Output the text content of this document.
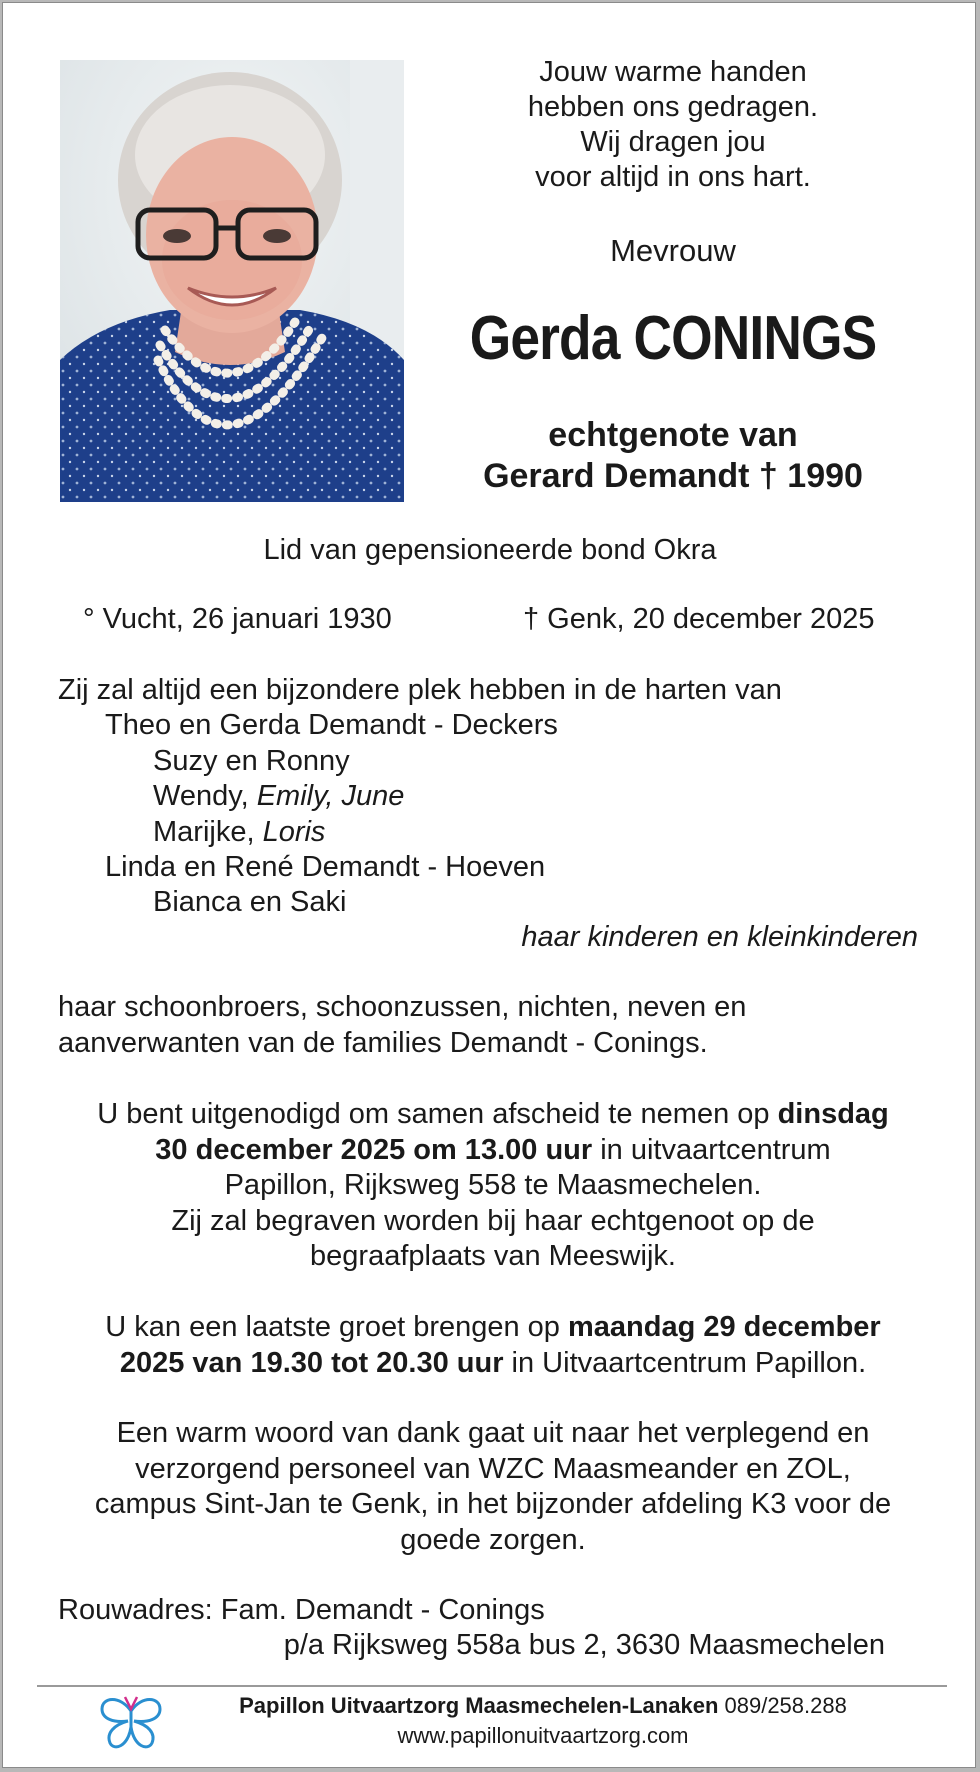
Jouw warme handen
hebben ons gedragen.
Wij dragen jou
voor altijd in ons hart.
Mevrouw
Gerda CONINGS
echtgenote van
Gerard Demandt † 1990
Lid van gepensioneerde bond Okra
° Vucht, 26 januari 1930	† Genk, 20 december 2025
Zij zal altijd een bijzondere plek hebben in de harten van
Theo en Gerda Demandt - Deckers
Suzy en Ronny
Wendy, Emily, June
Marijke, Loris
Linda en René Demandt - Hoeven
Bianca en Saki
haar kinderen en kleinkinderen
haar schoonbroers, schoonzussen, nichten, neven en
aanverwanten van de families Demandt - Conings.
U bent uitgenodigd om samen afscheid te nemen op dinsdag
30 december 2025 om 13.00 uur in uitvaartcentrum
Papillon, Rijksweg 558 te Maasmechelen.
Zij zal begraven worden bij haar echtgenoot op de
begraafplaats van Meeswijk.
U kan een laatste groet brengen op maandag 29 december
2025 van 19.30 tot 20.30 uur in Uitvaartcentrum Papillon.
Een warm woord van dank gaat uit naar het verplegend en
verzorgend personeel van WZC Maasmeander en ZOL,
campus Sint-Jan te Genk, in het bijzonder afdeling K3 voor de
goede zorgen.
Rouwadres: Fam. Demandt - Conings
p/a Rijksweg 558a bus 2, 3630 Maasmechelen
Papillon Uitvaartzorg Maasmechelen-Lanaken 089/258.288
www.papillonuitvaartzorg.com
